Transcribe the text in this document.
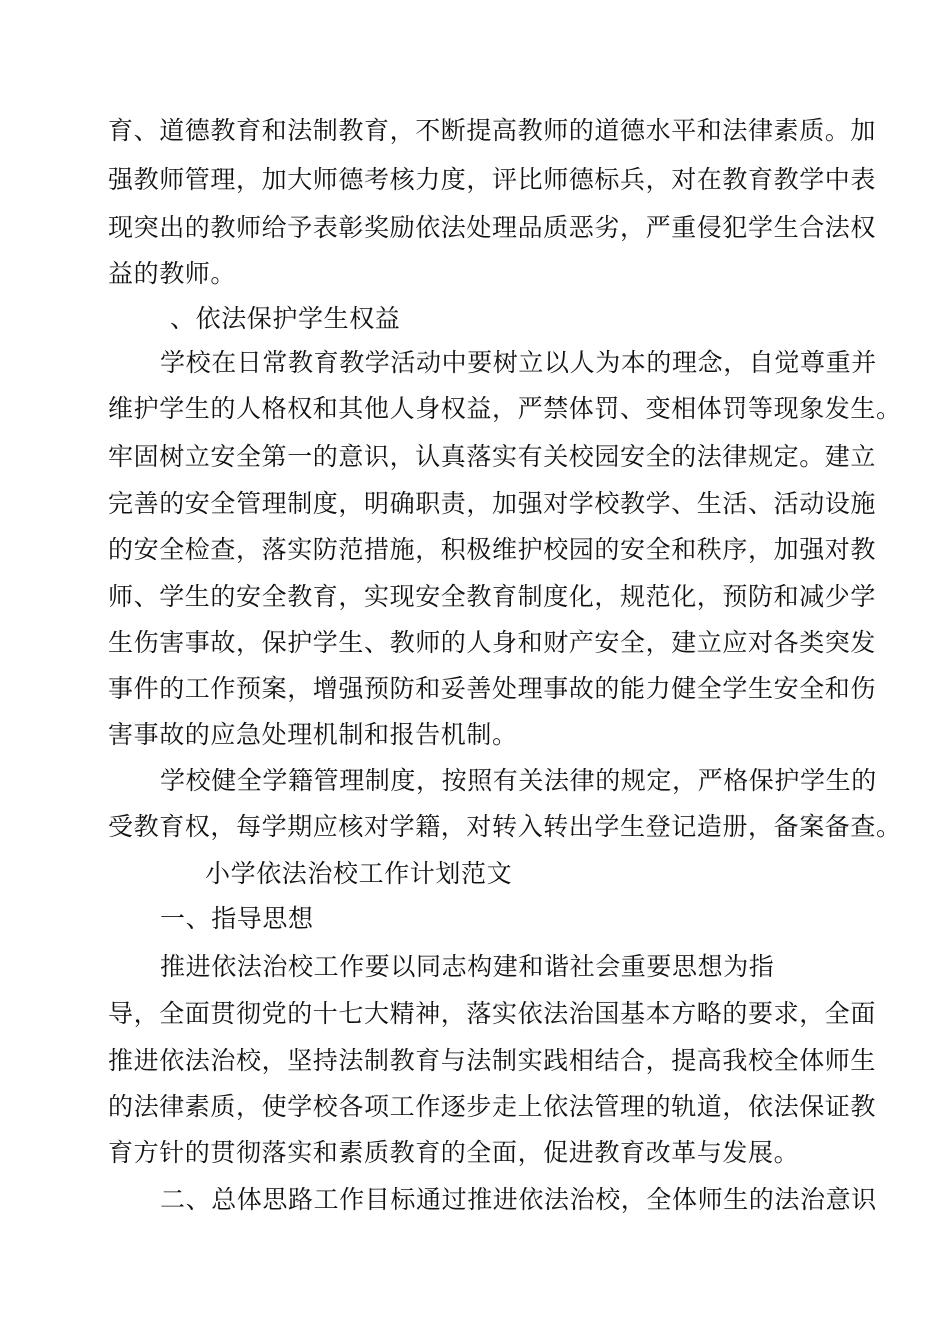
育、道德教育和法制教育，不断提高教师的道德水平和法律素质。加
强教师管理，加大师德考核力度，评比师德标兵，对在教育教学中表
现突出的教师给予表彰奖励依法处理品质恶劣，严重侵犯学生合法权
益的教师。
、依法保护学生权益
学校在日常教育教学活动中要树立以人为本的理念，自觉尊重并
维护学生的人格权和其他人身权益，严禁体罚、变相体罚等现象发生。
牢固树立安全第一的意识，认真落实有关校园安全的法律规定。建立
完善的安全管理制度，明确职责，加强对学校教学、生活、活动设施
的安全检查，落实防范措施，积极维护校园的安全和秩序，加强对教
师、学生的安全教育，实现安全教育制度化，规范化，预防和减少学
生伤害事故，保护学生、教师的人身和财产安全，建立应对各类突发
事件的工作预案，增强预防和妥善处理事故的能力健全学生安全和伤
害事故的应急处理机制和报告机制。
学校健全学籍管理制度，按照有关法律的规定，严格保护学生的
受教育权，每学期应核对学籍，对转入转出学生登记造册，备案备查。
小学依法治校工作计划范文
一、指导思想
推进依法治校工作要以同志构建和谐社会重要思想为指
导，全面贯彻党的十七大精神，落实依法治国基本方略的要求，全面
推进依法治校，坚持法制教育与法制实践相结合，提高我校全体师生
的法律素质，使学校各项工作逐步走上依法管理的轨道，依法保证教
育方针的贯彻落实和素质教育的全面，促进教育改革与发展。
二、总体思路工作目标通过推进依法治校，全体师生的法治意识
